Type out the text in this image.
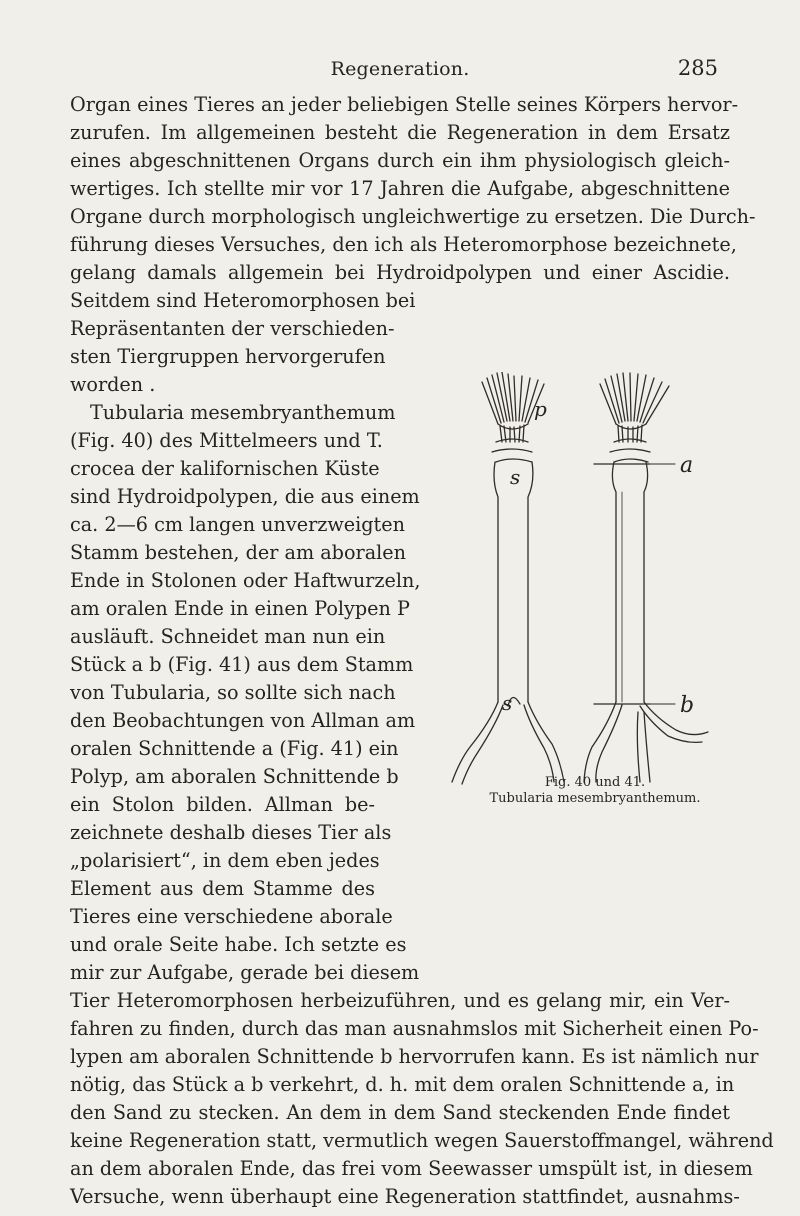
Regeneration.	285
Organ eines Tieres an jeder beliebigen Stelle seines Körpers hervor-
zurufen. Im allgemeinen besteht die Regeneration in dem Ersatz
eines abgeschnittenen Organs durch ein ihm physiologisch gleich-
wertiges. Ich stellte mir vor 17 Jahren die Aufgabe, abgeschnittene
Organe durch morphologisch ungleichwertige zu ersetzen. Die Durch-
führung dieses Versuches, den ich als Heteromorphose bezeichnete,
gelang damals allgemein bei Hydroidpolypen und einer Ascidie.
Seitdem sind Heteromorphosen bei
Repräsentanten der verschieden-
sten Tiergruppen hervorgerufen
worden .
Tubularia mesembryanthemum
(Fig. 40) des Mittelmeers und T.
crocea der kalifornischen Küste
sind Hydroidpolypen, die aus einem
ca. 2—6 cm langen unverzweigten
Stamm bestehen, der am aboralen
Ende in Stolonen oder Haftwurzeln,
am oralen Ende in einen Polypen P
ausläuft. Schneidet man nun ein
Stück a b (Fig. 41) aus dem Stamm
von Tubularia, so sollte sich nach
den Beobachtungen von Allman am
oralen Schnittende a (Fig. 41) ein
Polyp, am aboralen Schnittende b
ein Stolon bilden. Allman be-
zeichnete deshalb dieses Tier als
„polarisiert“, in dem eben jedes
Element aus dem Stamme des
Tieres eine verschiedene aborale
und orale Seite habe. Ich setzte es
mir zur Aufgabe, gerade bei diesem
Tier Heteromorphosen herbeizuführen, und es gelang mir, ein Ver-
fahren zu finden, durch das man ausnahmslos mit Sicherheit einen Po-
lypen am aboralen Schnittende b hervorrufen kann. Es ist nämlich nur
nötig, das Stück a b verkehrt, d. h. mit dem oralen Schnittende a, in
den Sand zu stecken. An dem in dem Sand steckenden Ende findet
keine Regeneration statt, vermutlich wegen Sauerstoffmangel, während
an dem aboralen Ende, das frei vom Seewasser umspült ist, in diesem
Versuche, wenn überhaupt eine Regeneration stattfindet, ausnahms-
p
s
s
a
b
Fig. 40 und 41.
Tubularia mesembryanthemum.
